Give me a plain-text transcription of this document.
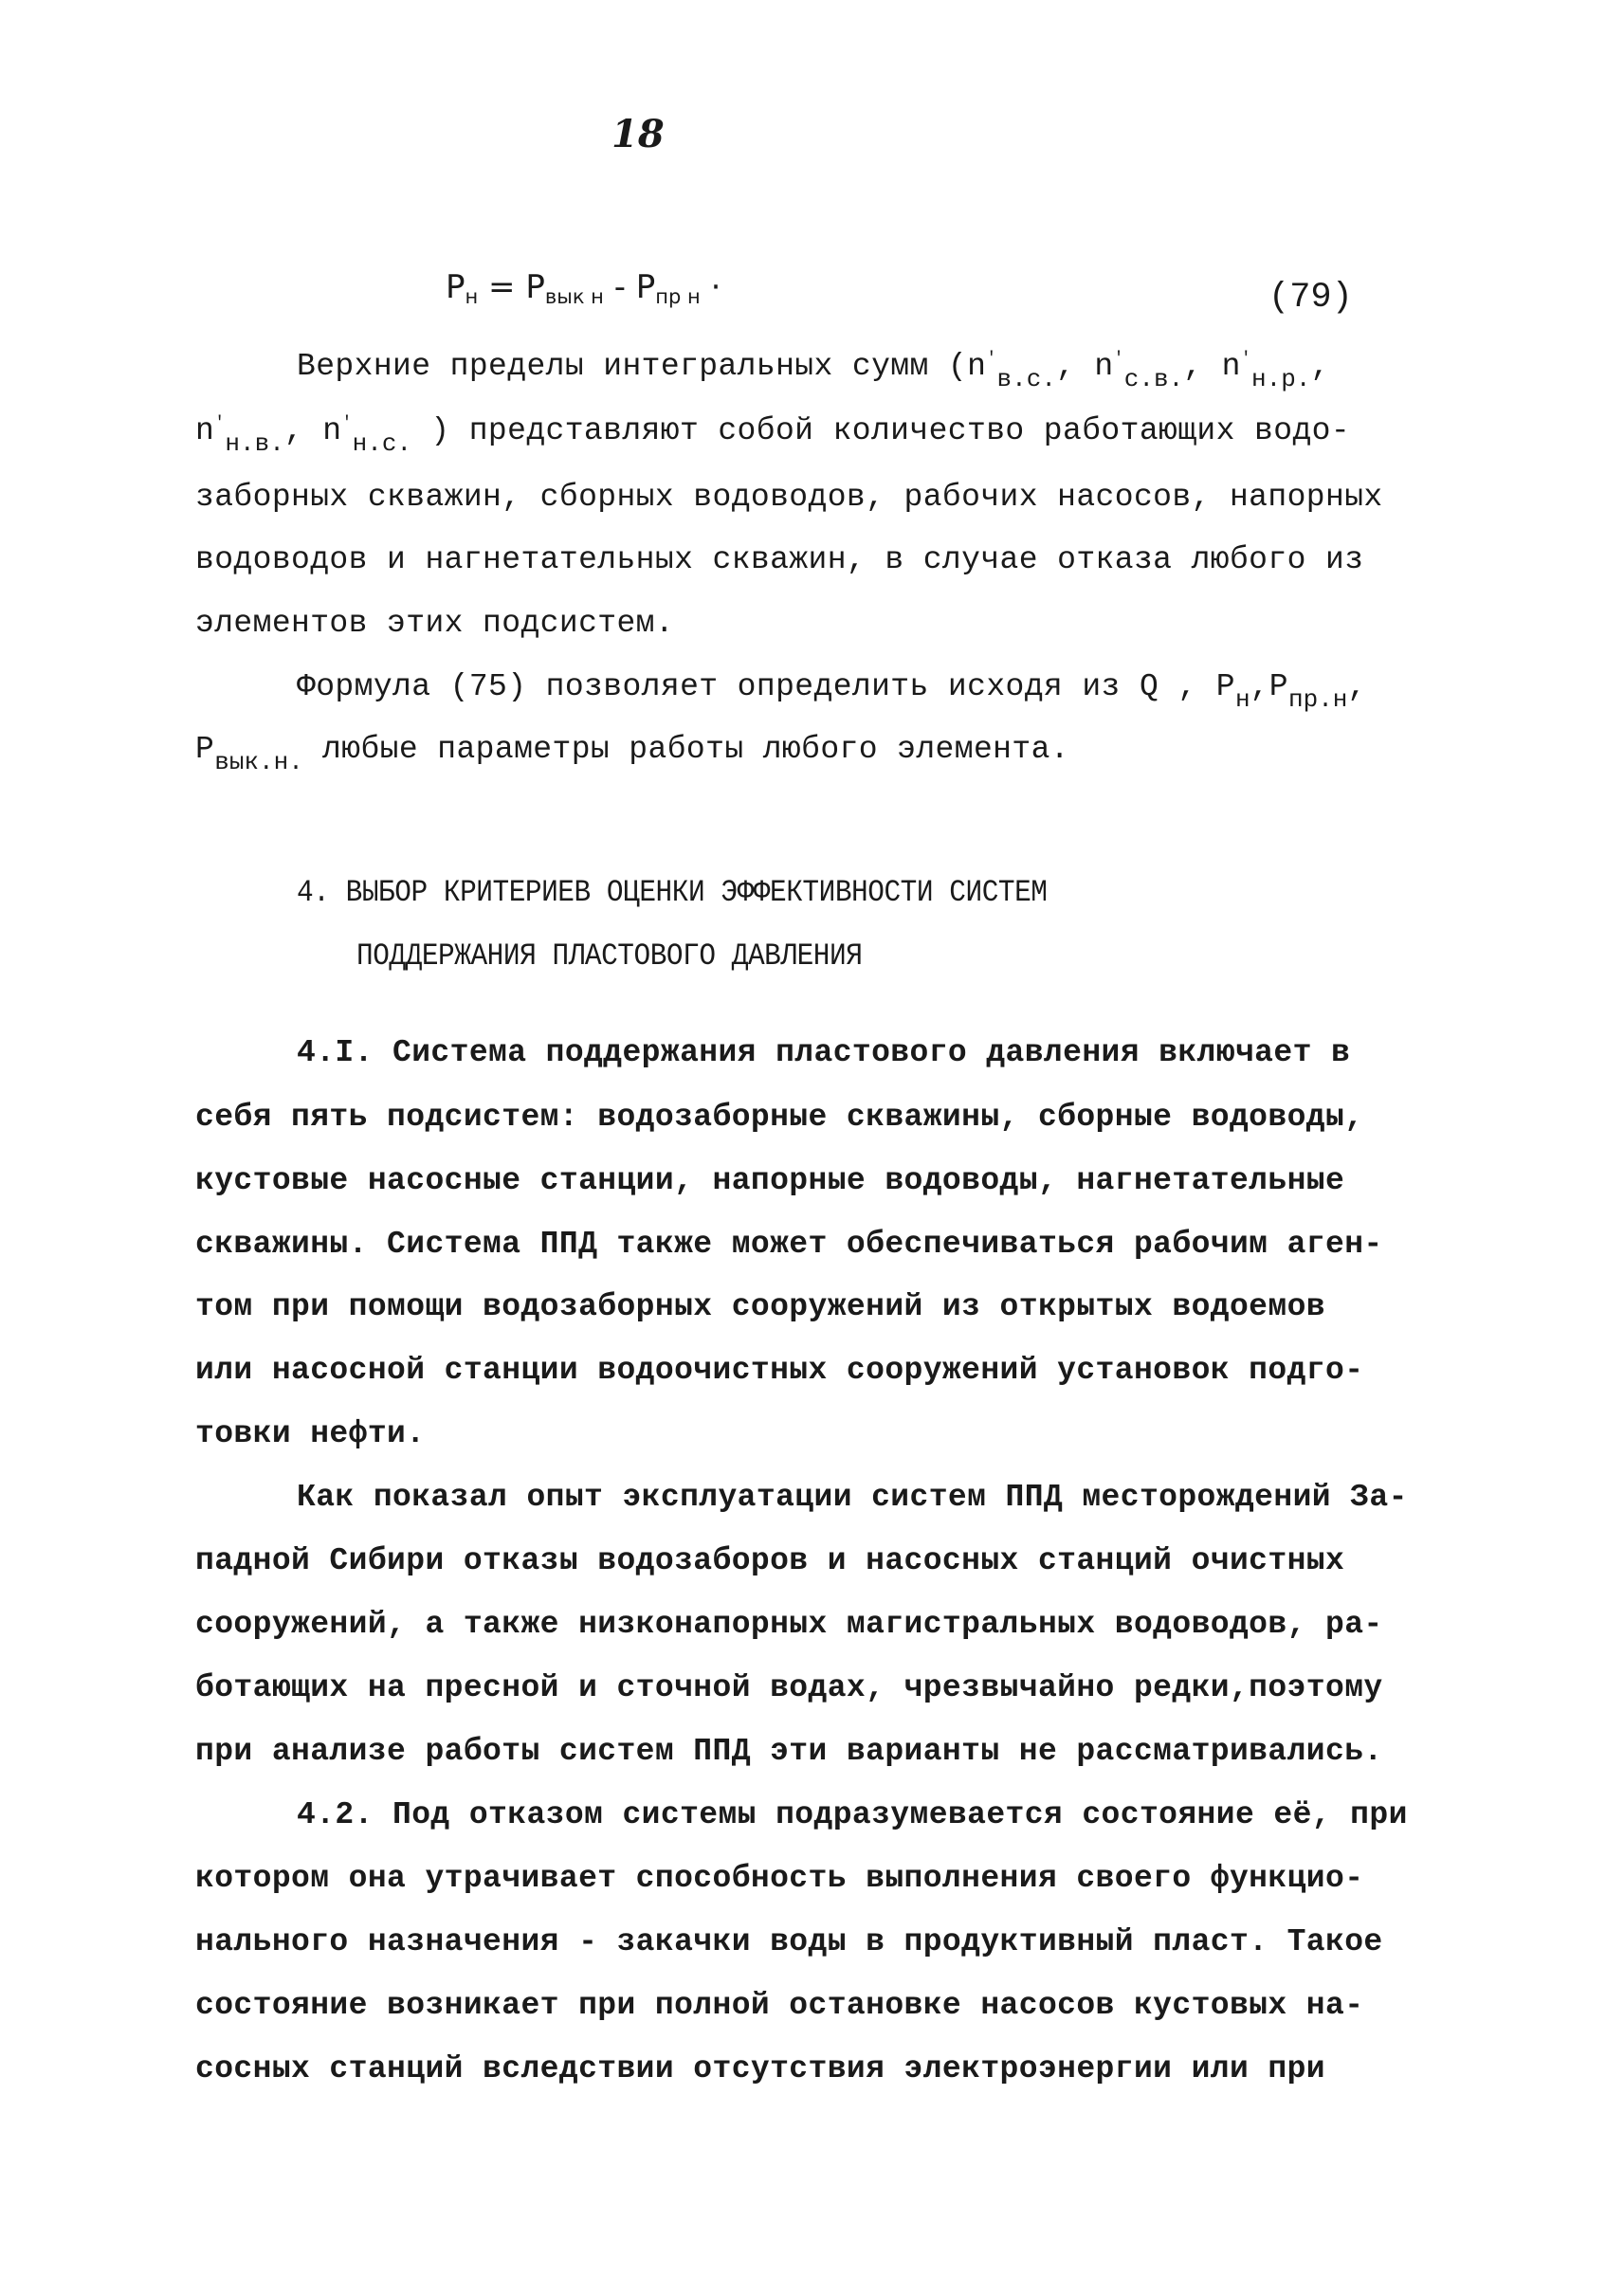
18
$P_н = P_{вык н} - P_{пр н}$ ·	(79)
Верхние пределы интегральных сумм ($n'_{в.с.}$, $n'_{с.в.}$, $n'_{н.р.}$,
$n'_{н.в.}$, $n'_{н.с.}$ ) представляют собой количество работающих водо-
заборных скважин, сборных водоводов, рабочих насосов, напорных
водоводов и нагнетательных скважин, в случае отказа любого из
элементов этих подсистем.
Формула (75) позволяет определить исходя из Q , $P_н,P_{пр.н}$,
$P_{вык.н.}$ любые параметры работы любого элемента.
4. ВЫБОР КРИТЕРИЕВ ОЦЕНКИ ЭФФЕКТИВНОСТИ СИСТЕМ
ПОДДЕРЖАНИЯ ПЛАСТОВОГО ДАВЛЕНИЯ
4.I. Система поддержания пластового давления включает в
себя пять подсистем: водозаборные скважины, сборные водоводы,
кустовые насосные станции, напорные водоводы, нагнетательные
скважины. Система ППД также может обеспечиваться рабочим аген-
том при помощи водозаборных сооружений из открытых водоемов
или насосной станции водоочистных сооружений установок подго-
товки нефти.
Как показал опыт эксплуатации систем ППД месторождений За-
падной Сибири отказы водозаборов и насосных станций очистных
сооружений, а также низконапорных магистральных водоводов, ра-
ботающих на пресной и сточной водах, чрезвычайно редки,поэтому
при анализе работы систем ППД эти варианты не рассматривались.
4.2. Под отказом системы подразумевается состояние её, при
котором она утрачивает способность выполнения своего функцио-
нального назначения - закачки воды в продуктивный пласт. Такое
состояние возникает при полной остановке насосов кустовых на-
сосных станций вследствии отсутствия электроэнергии или при
